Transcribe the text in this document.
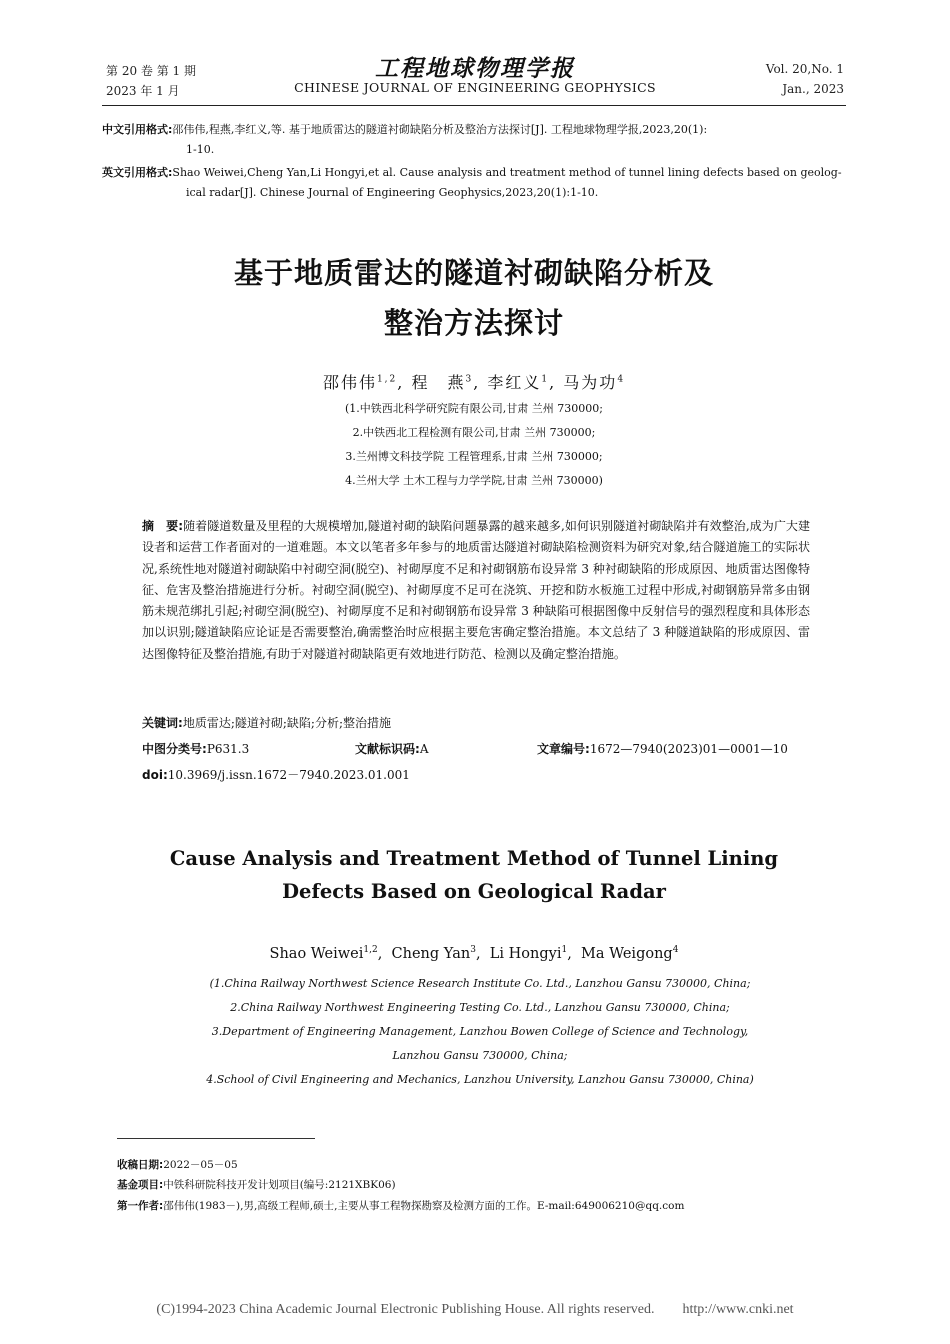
第 20 卷 第 1 期
2023 年 1 月
工程地球物理学报
CHINESE JOURNAL OF ENGINEERING GEOPHYSICS
Vol. 20,No. 1
Jan., 2023
中文引用格式:邵伟伟,程燕,李红义,等. 基于地质雷达的隧道衬砌缺陷分析及整治方法探讨[J]. 工程地球物理学报,2023,20(1):
1-10.
英文引用格式:Shao Weiwei,Cheng Yan,Li Hongyi,et al. Cause analysis and treatment method of tunnel lining defects based on geolog-
ical radar[J]. Chinese Journal of Engineering Geophysics,2023,20(1):1-10.
基于地质雷达的隧道衬砌缺陷分析及
整治方法探讨
邵伟伟$^{1,2}$, 程　燕$^3$, 李红义$^1$, 马为功$^4$
(1.中铁西北科学研究院有限公司,甘肃 兰州 730000;
2.中铁西北工程检测有限公司,甘肃 兰州 730000;
3.兰州博文科技学院 工程管理系,甘肃 兰州 730000;
4.兰州大学 土木工程与力学学院,甘肃 兰州 730000)
摘　要:随着隧道数量及里程的大规模增加,隧道衬砌的缺陷问题暴露的越来越多,如何识别隧道衬砌缺陷并有效整治,成为广大建设者和运营工作者面对的一道难题。本文以笔者多年参与的地质雷达隧道衬砌缺陷检测资料为研究对象,结合隧道施工的实际状况,系统性地对隧道衬砌缺陷中衬砌空洞(脱空)、衬砌厚度不足和衬砌钢筋布设异常 3 种衬砌缺陷的形成原因、地质雷达图像特征、危害及整治措施进行分析。衬砌空洞(脱空)、衬砌厚度不足可在浇筑、开挖和防水板施工过程中形成,衬砌钢筋异常多由钢筋未规范绑扎引起;衬砌空洞(脱空)、衬砌厚度不足和衬砌钢筋布设异常 3 种缺陷可根据图像中反射信号的强烈程度和具体形态加以识别;隧道缺陷应论证是否需要整治,确需整治时应根据主要危害确定整治措施。本文总结了 3 种隧道缺陷的形成原因、雷达图像特征及整治措施,有助于对隧道衬砌缺陷更有效地进行防范、检测以及确定整治措施。
关键词:地质雷达;隧道衬砌;缺陷;分析;整治措施
中图分类号:P631.3	文献标识码:A	文章编号:1672—7940(2023)01—0001—10
doi:10.3969/j.issn.1672－7940.2023.01.001
Cause Analysis and Treatment Method of Tunnel Lining
Defects Based on Geological Radar
Shao Weiwei$^{1,2}$,  Cheng Yan$^3$,  Li Hongyi$^1$,  Ma Weigong$^4$
(1.China Railway Northwest Science Research Institute Co. Ltd., Lanzhou Gansu 730000, China;
2.China Railway Northwest Engineering Testing Co. Ltd., Lanzhou Gansu 730000, China;
3.Department of Engineering Management, Lanzhou Bowen College of Science and Technology,
Lanzhou Gansu 730000, China;
4.School of Civil Engineering and Mechanics, Lanzhou University, Lanzhou Gansu 730000, China)
收稿日期:2022－05－05
基金项目:中铁科研院科技开发计划项目(编号:2121XBK06)
第一作者:邵伟伟(1983－),男,高级工程师,硕士,主要从事工程物探勘察及检测方面的工作。E-mail:649006210@qq.com
(C)1994-2023 China Academic Journal Electronic Publishing House. All rights reserved.　　http://www.cnki.net
